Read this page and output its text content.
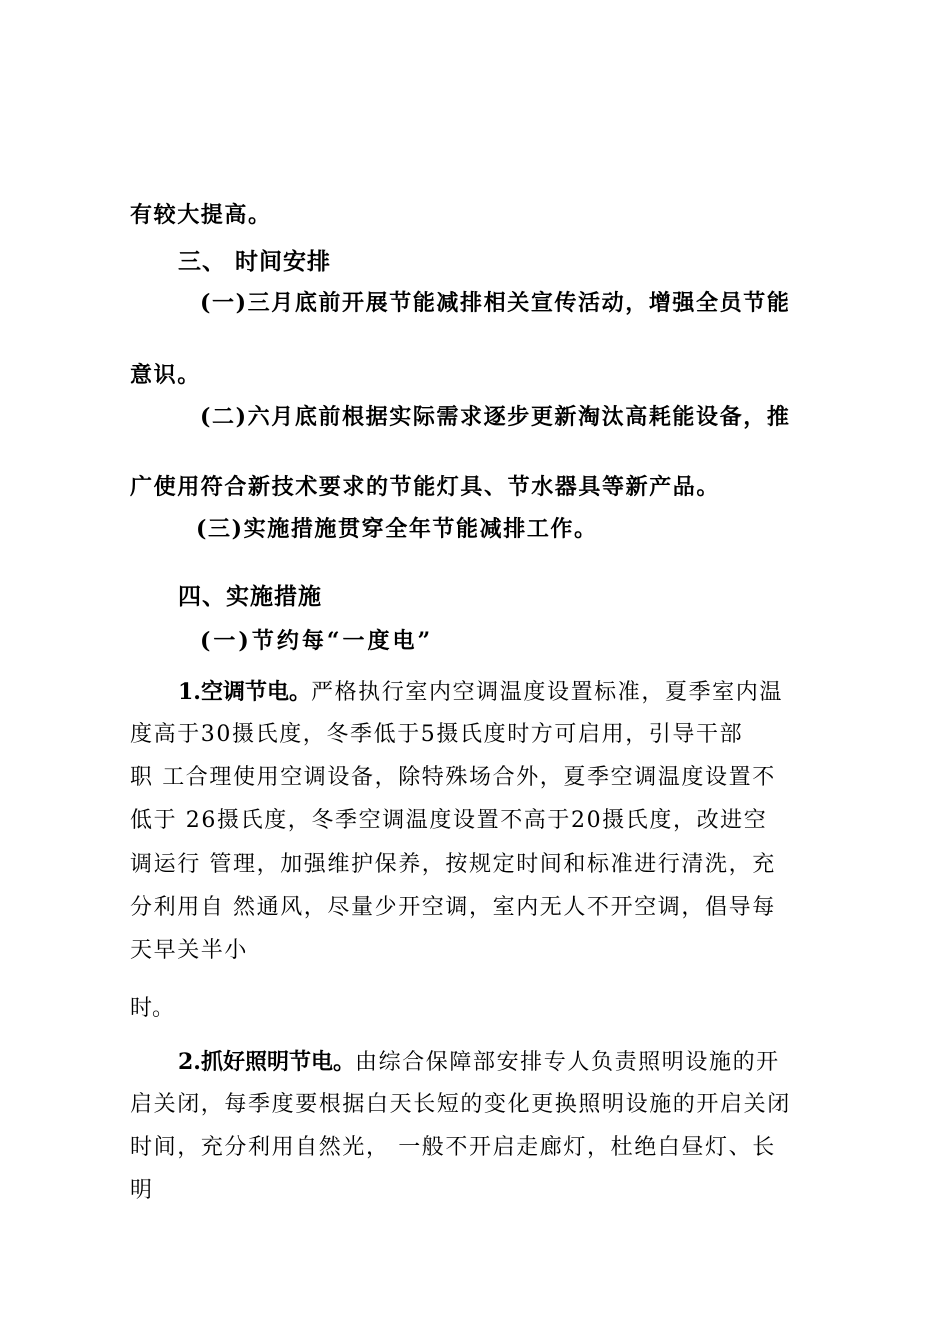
有较大提高。

三、 时间安排

(一)三月底前开展节能减排相关宣传活动，增强全员节能

意识。

(二)六月底前根据实际需求逐步更新淘汰高耗能设备，推

广使用符合新技术要求的节能灯具、节水器具等新产品。

(三)实施措施贯穿全年节能减排工作。

四、实施措施

(一)节约每“一度电”

1.空调节电。严格执行室内空调温度设置标准，夏季室内温

度高于30摄氏度，冬季低于5摄氏度时方可启用，引导干部

职 工合理使用空调设备，除特殊场合外，夏季空调温度设置不

低于 26摄氏度，冬季空调温度设置不高于20摄氏度，改进空

调运行 管理，加强维护保养，按规定时间和标准进行清洗，充

分利用自 然通风，尽量少开空调，室内无人不开空调，倡导每

天早关半小

时。

2.抓好照明节电。由综合保障部安排专人负责照明设施的开

启关闭，每季度要根据白天长短的变化更换照明设施的开启关闭

时间，充分利用自然光， 一般不开启走廊灯，杜绝白昼灯、长

明
